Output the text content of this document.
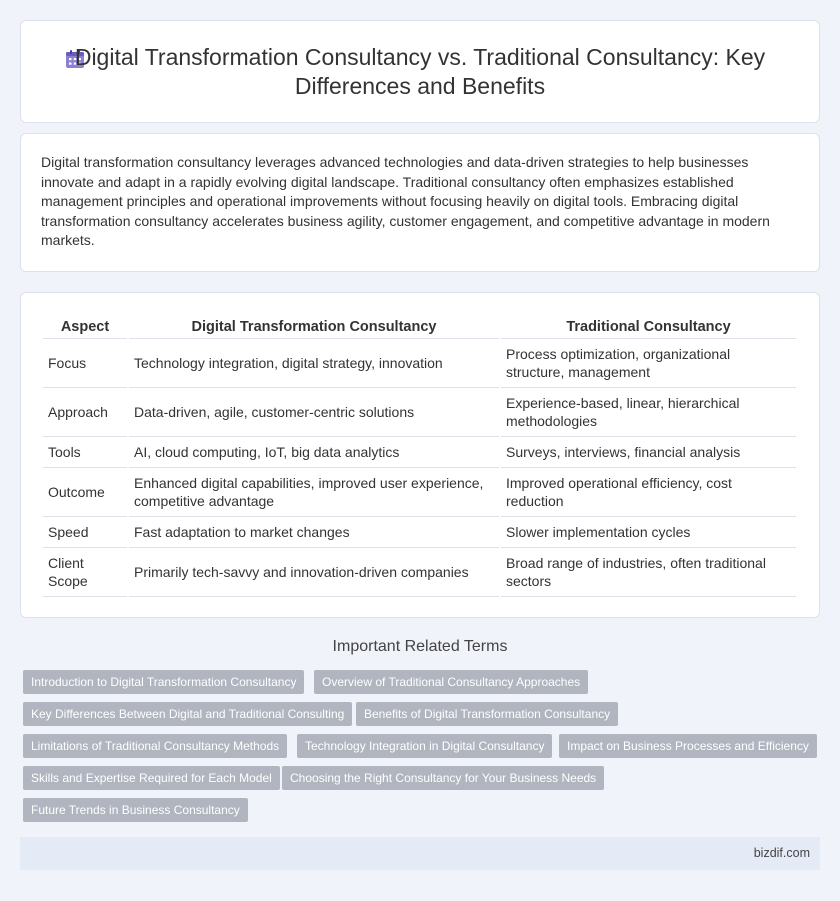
Digital Transformation Consultancy vs. Traditional Consultancy: Key Differences and Benefits

Digital transformation consultancy leverages advanced technologies and data-driven strategies to help businesses innovate and adapt in a rapidly evolving digital landscape. Traditional consultancy often emphasizes established management principles and operational improvements without focusing heavily on digital tools. Embracing digital transformation consultancy accelerates business agility, customer engagement, and competitive advantage in modern markets.

Aspect	Digital Transformation Consultancy	Traditional Consultancy
Focus	Technology integration, digital strategy, innovation	Process optimization, organizational structure, management
Approach	Data-driven, agile, customer-centric solutions	Experience-based, linear, hierarchical methodologies
Tools	AI, cloud computing, IoT, big data analytics	Surveys, interviews, financial analysis
Outcome	Enhanced digital capabilities, improved user experience, competitive advantage	Improved operational efficiency, cost reduction
Speed	Fast adaptation to market changes	Slower implementation cycles
Client Scope	Primarily tech-savvy and innovation-driven companies	Broad range of industries, often traditional sectors
Important Related Terms
Introduction to Digital Transformation Consultancy	Overview of Traditional Consultancy Approaches
Key Differences Between Digital and Traditional Consulting	Benefits of Digital Transformation Consultancy
Limitations of Traditional Consultancy Methods	Technology Integration in Digital Consultancy	Impact on Business Processes and Efficiency
Skills and Expertise Required for Each Model	Choosing the Right Consultancy for Your Business Needs
Future Trends in Business Consultancy
bizdif.com
